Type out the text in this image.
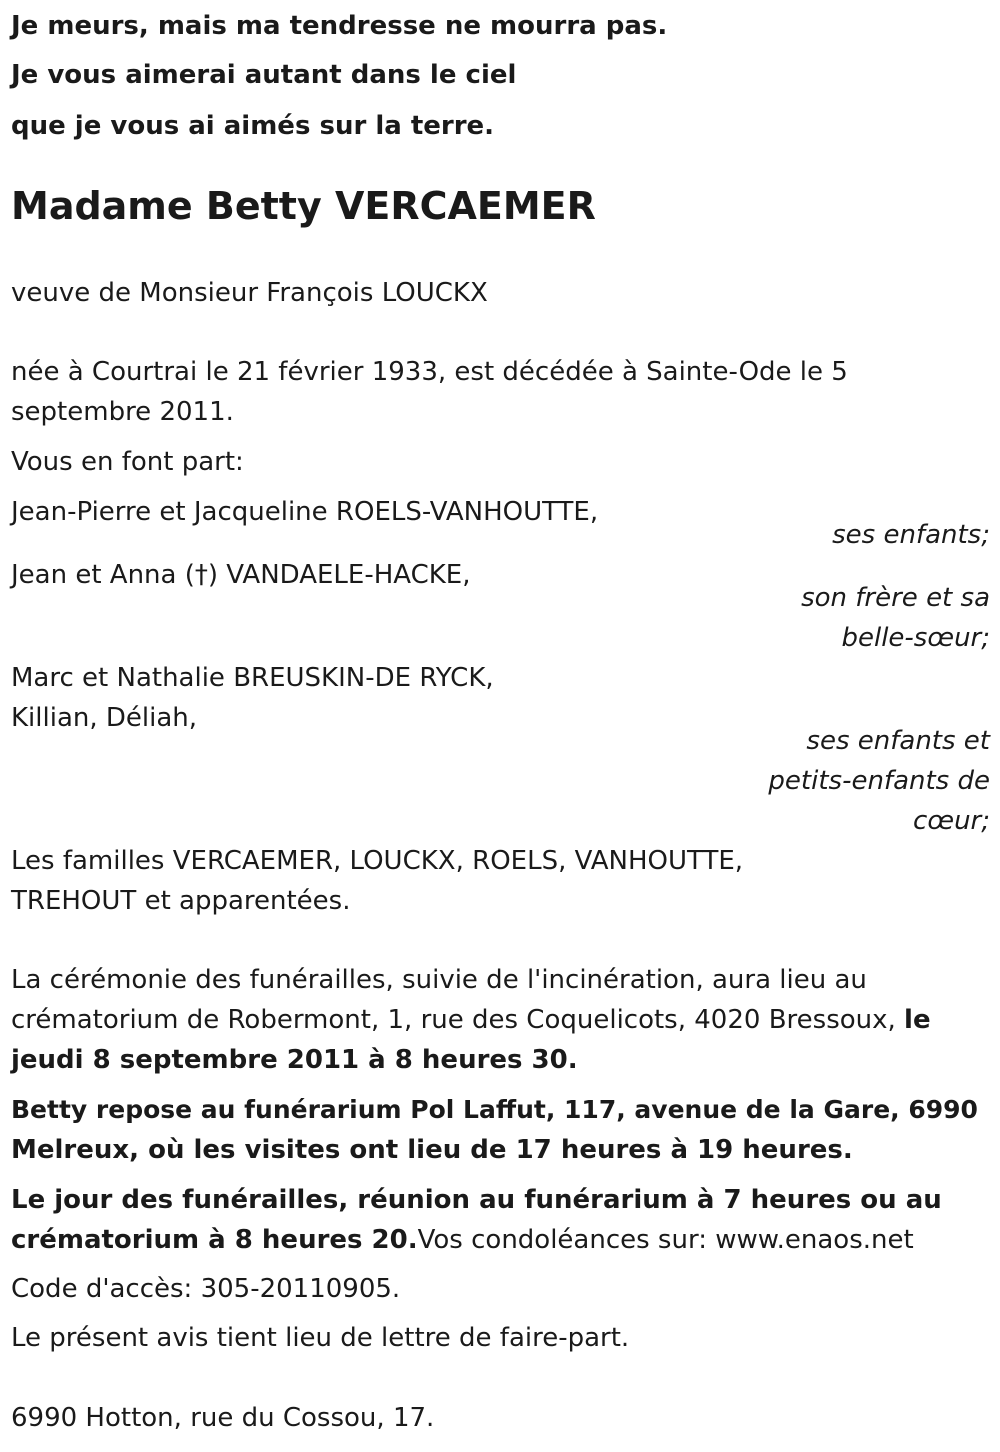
Je meurs, mais ma tendresse ne mourra pas.
Je vous aimerai autant dans le ciel
que je vous ai aimés sur la terre.
Madame Betty VERCAEMER
veuve de Monsieur François LOUCKX
née à Courtrai le 21 février 1933, est décédée à Sainte-Ode le 5
septembre 2011.
Vous en font part:
Jean-Pierre et Jacqueline ROELS-VANHOUTTE,
ses enfants;
Jean et Anna (†) VANDAELE-HACKE,
son frère et sa
belle-sœur;
Marc et Nathalie BREUSKIN-DE RYCK,
Killian, Déliah,
ses enfants et
petits-enfants de
cœur;
Les familles VERCAEMER, LOUCKX, ROELS, VANHOUTTE,
TREHOUT et apparentées.
La cérémonie des funérailles, suivie de l'incinération, aura lieu au
crématorium de Robermont, 1, rue des Coquelicots, 4020 Bressoux, le
jeudi 8 septembre 2011 à 8 heures 30.
Betty repose au funérarium Pol Laffut, 117, avenue de la Gare, 6990
Melreux, où les visites ont lieu de 17 heures à 19 heures.
Le jour des funérailles, réunion au funérarium à 7 heures ou au
crématorium à 8 heures 20.Vos condoléances sur: www.enaos.net
Code d'accès: 305-20110905.
Le présent avis tient lieu de lettre de faire-part.
6990 Hotton, rue du Cossou, 17.
